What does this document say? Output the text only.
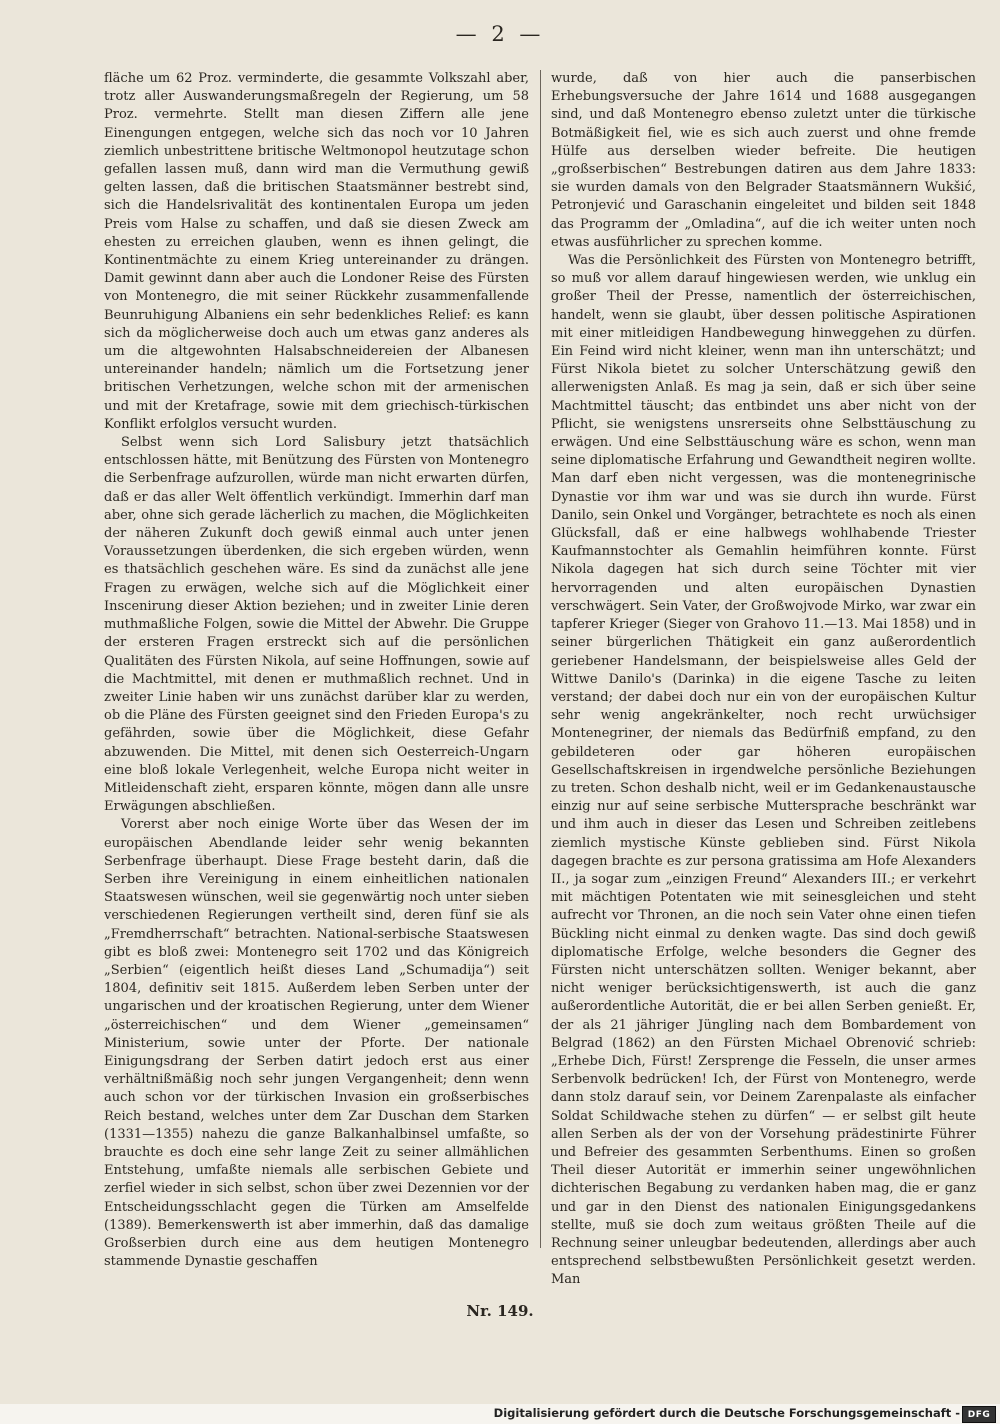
— 2 —

fläche um 62 Proz. verminderte, die gesammte Volkszahl aber, trotz aller Auswanderungsmaßregeln der Regierung, um 58 Proz. vermehrte. Stellt man diesen Ziffern alle jene Einengungen entgegen, welche sich das noch vor 10 Jahren ziemlich unbestrittene britische Weltmonopol heutzutage schon gefallen lassen muß, dann wird man die Vermuthung gewiß gelten lassen, daß die britischen Staatsmänner bestrebt sind, sich die Handelsrivalität des kontinentalen Europa um jeden Preis vom Halse zu schaffen, und daß sie diesen Zweck am ehesten zu erreichen glauben, wenn es ihnen gelingt, die Kontinentmächte zu einem Krieg untereinander zu drängen. Damit gewinnt dann aber auch die Londoner Reise des Fürsten von Montenegro, die mit seiner Rückkehr zusammenfallende Beunruhigung Albaniens ein sehr bedenkliches Relief: es kann sich da möglicherweise doch auch um etwas ganz anderes als um die altgewohnten Halsabschneidereien der Albanesen untereinander handeln; nämlich um die Fortsetzung jener britischen Verhetzungen, welche schon mit der armenischen und mit der Kretafrage, sowie mit dem griechisch-türkischen Konflikt erfolglos versucht wurden.

Selbst wenn sich Lord Salisbury jetzt thatsächlich entschlossen hätte, mit Benützung des Fürsten von Montenegro die Serbenfrage aufzurollen, würde man nicht erwarten dürfen, daß er das aller Welt öffentlich verkündigt. Immerhin darf man aber, ohne sich gerade lächerlich zu machen, die Möglichkeiten der näheren Zukunft doch gewiß einmal auch unter jenen Voraussetzungen überdenken, die sich ergeben würden, wenn es thatsächlich geschehen wäre. Es sind da zunächst alle jene Fragen zu erwägen, welche sich auf die Möglichkeit einer Inscenirung dieser Aktion beziehen; und in zweiter Linie deren muthmaßliche Folgen, sowie die Mittel der Abwehr. Die Gruppe der ersteren Fragen erstreckt sich auf die persönlichen Qualitäten des Fürsten Nikola, auf seine Hoffnungen, sowie auf die Machtmittel, mit denen er muthmaßlich rechnet. Und in zweiter Linie haben wir uns zunächst darüber klar zu werden, ob die Pläne des Fürsten geeignet sind den Frieden Europa's zu gefährden, sowie über die Möglichkeit, diese Gefahr abzuwenden. Die Mittel, mit denen sich Oesterreich-Ungarn eine bloß lokale Verlegenheit, welche Europa nicht weiter in Mitleidenschaft zieht, ersparen könnte, mögen dann alle unsre Erwägungen abschließen.

Vorerst aber noch einige Worte über das Wesen der im europäischen Abendlande leider sehr wenig bekannten Serbenfrage überhaupt. Diese Frage besteht darin, daß die Serben ihre Vereinigung in einem einheitlichen nationalen Staatswesen wünschen, weil sie gegenwärtig noch unter sieben verschiedenen Regierungen vertheilt sind, deren fünf sie als „Fremdherrschaft“ betrachten. National-serbische Staatswesen gibt es bloß zwei: Montenegro seit 1702 und das Königreich „Serbien“ (eigentlich heißt dieses Land „Schumadija“) seit 1804, definitiv seit 1815. Außerdem leben Serben unter der ungarischen und der kroatischen Regierung, unter dem Wiener „österreichischen“ und dem Wiener „gemeinsamen“ Ministerium, sowie unter der Pforte. Der nationale Einigungsdrang der Serben datirt jedoch erst aus einer verhältnißmäßig noch sehr jungen Vergangenheit; denn wenn auch schon vor der türkischen Invasion ein großserbisches Reich bestand, welches unter dem Zar Duschan dem Starken (1331—1355) nahezu die ganze Balkanhalbinsel umfaßte, so brauchte es doch eine sehr lange Zeit zu seiner allmählichen Entstehung, umfaßte niemals alle serbischen Gebiete und zerfiel wieder in sich selbst, schon über zwei Dezennien vor der Entscheidungsschlacht gegen die Türken am Amselfelde (1389). Bemerkenswerth ist aber immerhin, daß das damalige Großserbien durch eine aus dem heutigen Montenegro stammende Dynastie geschaffen

wurde, daß von hier auch die panserbischen Erhebungsversuche der Jahre 1614 und 1688 ausgegangen sind, und daß Montenegro ebenso zuletzt unter die türkische Botmäßigkeit fiel, wie es sich auch zuerst und ohne fremde Hülfe aus derselben wieder befreite. Die heutigen „großserbischen“ Bestrebungen datiren aus dem Jahre 1833: sie wurden damals von den Belgrader Staatsmännern Wukšić, Petronjević und Garaschanin eingeleitet und bilden seit 1848 das Programm der „Omladina“, auf die ich weiter unten noch etwas ausführlicher zu sprechen komme.

Was die Persönlichkeit des Fürsten von Montenegro betrifft, so muß vor allem darauf hingewiesen werden, wie unklug ein großer Theil der Presse, namentlich der österreichischen, handelt, wenn sie glaubt, über dessen politische Aspirationen mit einer mitleidigen Handbewegung hinweggehen zu dürfen. Ein Feind wird nicht kleiner, wenn man ihn unterschätzt; und Fürst Nikola bietet zu solcher Unterschätzung gewiß den allerwenigsten Anlaß. Es mag ja sein, daß er sich über seine Machtmittel täuscht; das entbindet uns aber nicht von der Pflicht, sie wenigstens unsrerseits ohne Selbsttäuschung zu erwägen. Und eine Selbsttäuschung wäre es schon, wenn man seine diplomatische Erfahrung und Gewandtheit negiren wollte. Man darf eben nicht vergessen, was die montenegrinische Dynastie vor ihm war und was sie durch ihn wurde. Fürst Danilo, sein Onkel und Vorgänger, betrachtete es noch als einen Glücksfall, daß er eine halbwegs wohlhabende Triester Kaufmannstochter als Gemahlin heimführen konnte. Fürst Nikola dagegen hat sich durch seine Töchter mit vier hervorragenden und alten europäischen Dynastien verschwägert. Sein Vater, der Großwojvode Mirko, war zwar ein tapferer Krieger (Sieger von Grahovo 11.—13. Mai 1858) und in seiner bürgerlichen Thätigkeit ein ganz außerordentlich geriebener Handelsmann, der beispielsweise alles Geld der Wittwe Danilo's (Darinka) in die eigene Tasche zu leiten verstand; der dabei doch nur ein von der europäischen Kultur sehr wenig angekränkelter, noch recht urwüchsiger Montenegriner, der niemals das Bedürfniß empfand, zu den gebildeteren oder gar höheren europäischen Gesellschaftskreisen in irgendwelche persönliche Beziehungen zu treten. Schon deshalb nicht, weil er im Gedankenaustausche einzig nur auf seine serbische Muttersprache beschränkt war und ihm auch in dieser das Lesen und Schreiben zeitlebens ziemlich mystische Künste geblieben sind. Fürst Nikola dagegen brachte es zur persona gratissima am Hofe Alexanders II., ja sogar zum „einzigen Freund“ Alexanders III.; er verkehrt mit mächtigen Potentaten wie mit seinesgleichen und steht aufrecht vor Thronen, an die noch sein Vater ohne einen tiefen Bückling nicht einmal zu denken wagte. Das sind doch gewiß diplomatische Erfolge, welche besonders die Gegner des Fürsten nicht unterschätzen sollten. Weniger bekannt, aber nicht weniger berücksichtigenswerth, ist auch die ganz außerordentliche Autorität, die er bei allen Serben genießt. Er, der als 21 jähriger Jüngling nach dem Bombardement von Belgrad (1862) an den Fürsten Michael Obrenović schrieb: „Erhebe Dich, Fürst! Zersprenge die Fesseln, die unser armes Serbenvolk bedrücken! Ich, der Fürst von Montenegro, werde dann stolz darauf sein, vor Deinem Zarenpalaste als einfacher Soldat Schildwache stehen zu dürfen“ — er selbst gilt heute allen Serben als der von der Vorsehung prädestinirte Führer und Befreier des gesammten Serbenthums. Einen so großen Theil dieser Autorität er immerhin seiner ungewöhnlichen dichterischen Begabung zu verdanken haben mag, die er ganz und gar in den Dienst des nationalen Einigungsgedankens stellte, muß sie doch zum weitaus größten Theile auf die Rechnung seiner unleugbar bedeutenden, allerdings aber auch entsprechend selbstbewußten Persönlichkeit gesetzt werden. Man

Nr. 149.
Digitalisierung gefördert durch die Deutsche Forschungsgemeinschaft - DFG
